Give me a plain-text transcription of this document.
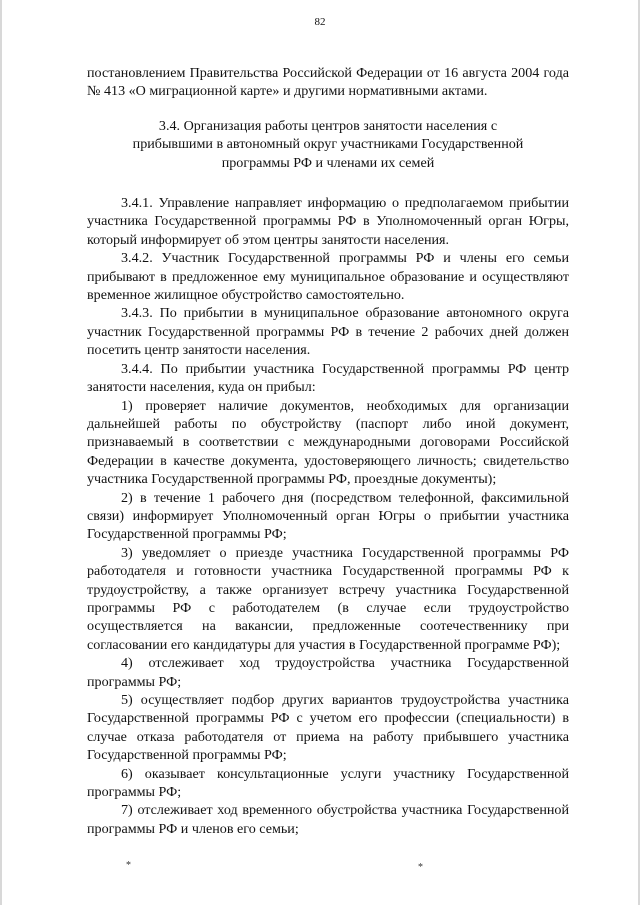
82

постановлением Правительства Российской Федерации от 16 августа 2004 года № 413 «О миграционной карте» и другими нормативными актами.

3.4. Организация работы центров занятости населения с прибывшими в автономный округ участниками Государственной программы РФ и членами их семей

3.4.1. Управление направляет информацию о предполагаемом прибытии участника Государственной программы РФ в Уполномоченный орган Югры, который информирует об этом центры занятости населения.

3.4.2. Участник Государственной программы РФ и члены его семьи прибывают в предложенное ему муниципальное образование и осуществляют временное жилищное обустройство самостоятельно.

3.4.3. По прибытии в муниципальное образование автономного округа участник Государственной программы РФ в течение 2 рабочих дней должен посетить центр занятости населения.

3.4.4. По прибытии участника Государственной программы РФ центр занятости населения, куда он прибыл:

1) проверяет наличие документов, необходимых для организации дальнейшей работы по обустройству (паспорт либо иной документ, признаваемый в соответствии с международными договорами Российской Федерации в качестве документа, удостоверяющего личность; свидетельство участника Государственной программы РФ, проездные документы);

2) в течение 1 рабочего дня (посредством телефонной, факсимильной связи) информирует Уполномоченный орган Югры о прибытии участника Государственной программы РФ;

3) уведомляет о приезде участника Государственной программы РФ работодателя и готовности участника Государственной программы РФ к трудоустройству, а также организует встречу участника Государственной программы РФ с работодателем (в случае если трудоустройство осуществляется на вакансии, предложенные соотечественнику при согласовании его кандидатуры для участия в Государственной программе РФ);

4) отслеживает ход трудоустройства участника Государственной программы РФ;

5) осуществляет подбор других вариантов трудоустройства участника Государственной программы РФ с учетом его профессии (специальности) в случае отказа работодателя от приема на работу прибывшего участника Государственной программы РФ;

6) оказывает консультационные услуги участнику Государственной программы РФ;

7) отслеживает ход временного обустройства участника Государственной программы РФ и членов его семьи;

*	*
